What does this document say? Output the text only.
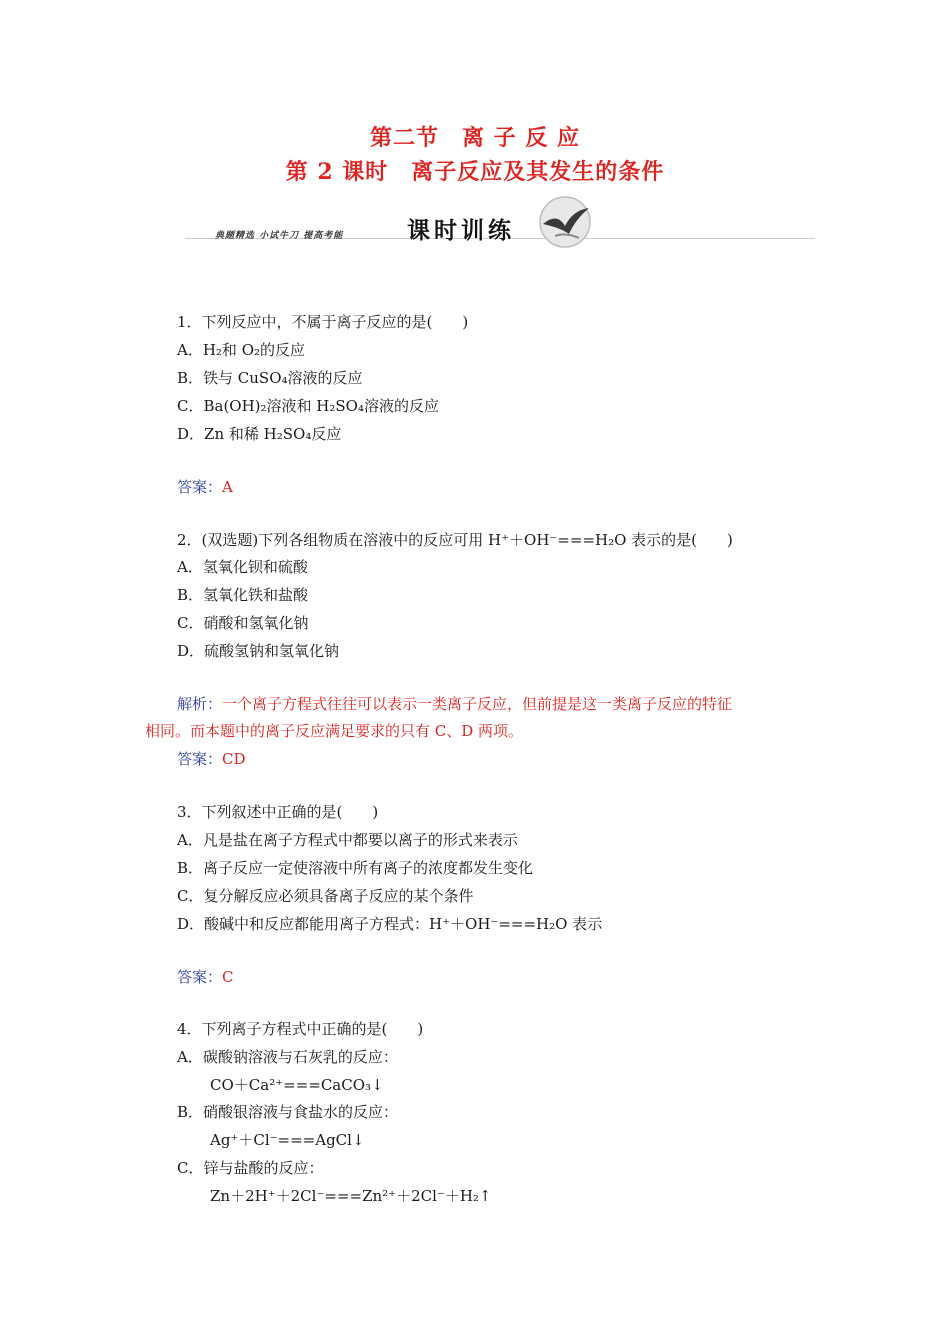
第二节　离 子 反 应
第 2 课时　离子反应及其发生的条件
典题精选 小试牛刀 提高考能	课时训练
1．下列反应中，不属于离子反应的是(　　)
A．H₂和 O₂的反应
B．铁与 CuSO₄溶液的反应
C．Ba(OH)₂溶液和 H₂SO₄溶液的反应
D．Zn 和稀 H₂SO₄反应
答案：A
2．(双选题)下列各组物质在溶液中的反应可用 H⁺＋OH⁻===H₂O 表示的是(　　)
A．氢氧化钡和硫酸
B．氢氧化铁和盐酸
C．硝酸和氢氧化钠
D．硫酸氢钠和氢氧化钠
解析：一个离子方程式往往可以表示一类离子反应，但前提是这一类离子反应的特征
相同。而本题中的离子反应满足要求的只有 C、D 两项。
答案：CD
3．下列叙述中正确的是(　　)
A．凡是盐在离子方程式中都要以离子的形式来表示
B．离子反应一定使溶液中所有离子的浓度都发生变化
C．复分解反应必须具备离子反应的某个条件
D．酸碱中和反应都能用离子方程式：H⁺＋OH⁻===H₂O 表示
答案：C
4．下列离子方程式中正确的是(　　)
A．碳酸钠溶液与石灰乳的反应：
CO＋Ca²⁺===CaCO₃↓
B．硝酸银溶液与食盐水的反应：
Ag⁺＋Cl⁻===AgCl↓
C．锌与盐酸的反应：
Zn＋2H⁺＋2Cl⁻===Zn²⁺＋2Cl⁻＋H₂↑
